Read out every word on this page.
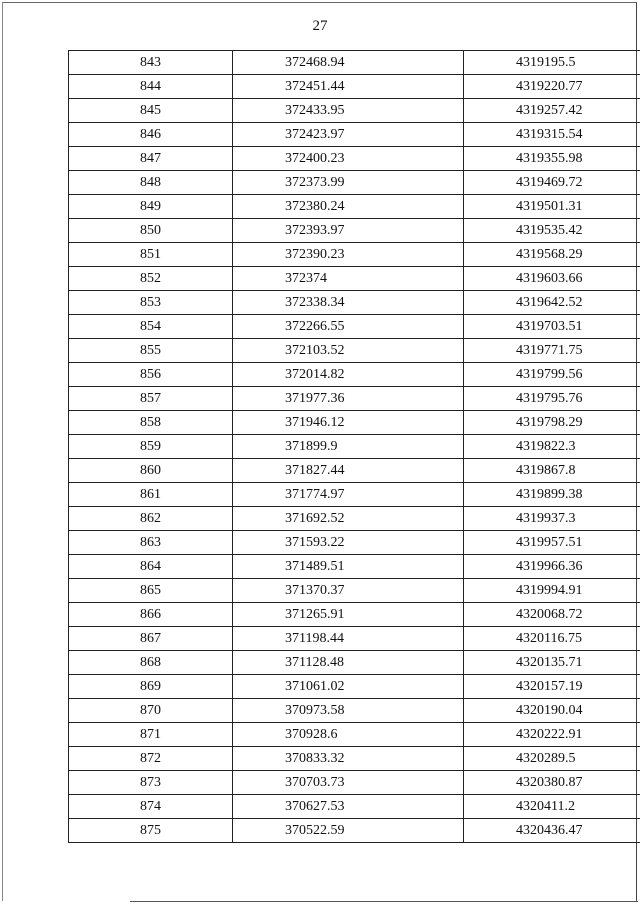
27
843	372468.94	4319195.5
844	372451.44	4319220.77
845	372433.95	4319257.42
846	372423.97	4319315.54
847	372400.23	4319355.98
848	372373.99	4319469.72
849	372380.24	4319501.31
850	372393.97	4319535.42
851	372390.23	4319568.29
852	372374	4319603.66
853	372338.34	4319642.52
854	372266.55	4319703.51
855	372103.52	4319771.75
856	372014.82	4319799.56
857	371977.36	4319795.76
858	371946.12	4319798.29
859	371899.9	4319822.3
860	371827.44	4319867.8
861	371774.97	4319899.38
862	371692.52	4319937.3
863	371593.22	4319957.51
864	371489.51	4319966.36
865	371370.37	4319994.91
866	371265.91	4320068.72
867	371198.44	4320116.75
868	371128.48	4320135.71
869	371061.02	4320157.19
870	370973.58	4320190.04
871	370928.6	4320222.91
872	370833.32	4320289.5
873	370703.73	4320380.87
874	370627.53	4320411.2
875	370522.59	4320436.47
